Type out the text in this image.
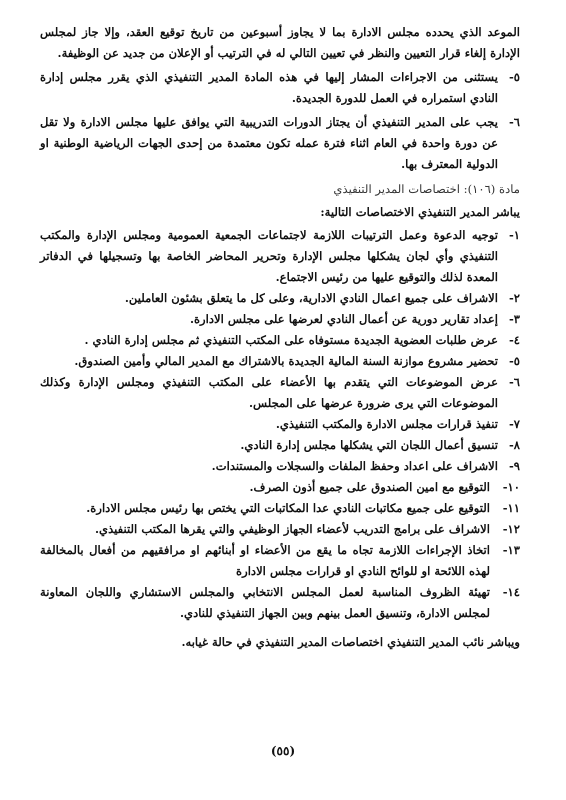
الموعد الذي يحدده مجلس الادارة بما لا يجاوز أسبوعين من تاريخ توقيع العقد، وإلا جاز لمجلس الإدارة إلغاء قرار التعيين والنظر في تعيين التالي له في الترتيب أو الإعلان من جديد عن الوظيفة.

٥-

يستثنى من الاجراءات المشار إليها في هذه المادة المدير التنفيذي الذي يقرر مجلس إدارة النادي استمراره في العمل للدورة الجديدة.

٦-

يجب على المدير التنفيذي أن يجتاز الدورات التدريبية التي يوافق عليها مجلس الادارة ولا تقل عن دورة واحدة في العام اثناء فترة عمله تكون معتمدة من إحدى الجهات الرياضية الوطنية او الدولية المعترف بها.

مادة (١٠٦): اختصاصات المدير التنفيذي

يباشر المدير التنفيذي الاختصاصات التالية:

١-

توجيه الدعوة وعمل الترتيبات اللازمة لاجتماعات الجمعية العمومية ومجلس الإدارة والمكتب التنفيذي وأي لجان يشكلها مجلس الإدارة وتحرير المحاضر الخاصة بها وتسجيلها في الدفاتر المعدة لذلك والتوقيع عليها من رئيس الاجتماع.

٢-

الاشراف على جميع اعمال النادي الادارية، وعلى كل ما يتعلق بشئون العاملين.

٣-

إعداد تقارير دورية عن أعمال النادي لعرضها على مجلس الادارة.

٤-

عرض طلبات العضوية الجديدة مستوفاه على المكتب التنفيذي ثم مجلس إدارة النادي .

٥-

تحضير مشروع موازنة السنة المالية الجديدة بالاشتراك مع المدير المالي وأمين الصندوق.

٦-

عرض الموضوعات التي يتقدم بها الأعضاء على المكتب التنفيذي ومجلس الإدارة وكذلك الموضوعات التي يرى ضرورة عرضها على المجلس.

٧-

تنفيذ قرارات مجلس الادارة والمكتب التنفيذي.

٨-

تنسيق أعمال اللجان التي يشكلها مجلس إدارة النادي.

٩-

الاشراف على اعداد وحفظ الملفات والسجلات والمستندات.

١٠-

التوقيع مع امين الصندوق على جميع أذون الصرف.

١١-

التوقيع على جميع مكاتبات النادي عدا المكاتبات التي يختص بها رئيس مجلس الادارة.

١٢-

الاشراف على برامج التدريب لأعضاء الجهاز الوظيفي والتي يقرها المكتب التنفيذي.

١٣-

اتخاذ الإجراءات اللازمة تجاه ما يقع من الأعضاء او أبنائهم او مرافقيهم من أفعال بالمخالفة لهذه اللائحة او للوائح النادي او قرارات مجلس الادارة

١٤-

تهيئة الظروف المناسبة لعمل المجلس الانتخابي والمجلس الاستشاري واللجان المعاونة لمجلس الادارة، وتنسيق العمل بينهم وبين الجهاز التنفيذي للنادي.

ويباشر نائب المدير التنفيذي اختصاصات المدير التنفيذي في حالة غيابه.

(٥٥)
